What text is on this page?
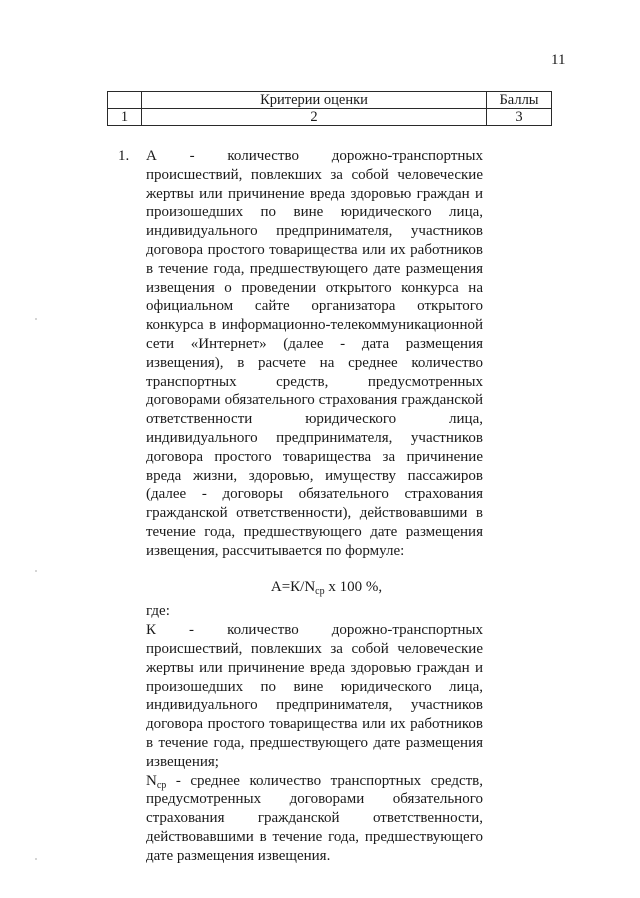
11
	Критерии оценки	Баллы
1	2	3
1. А - количество дорожно-транспортных происшествий, повлекших за собой человеческие жертвы или причинение вреда здоровью граждан и произошедших по вине юридического лица, индивидуального предпринимателя, участников договора простого товарищества или их работников в течение года, предшествующего дате размещения извещения о проведении открытого конкурса на официальном сайте организатора открытого конкурса в информационно-телекоммуникационной сети «Интернет» (далее - дата размещения извещения), в расчете на среднее количество транспортных средств, предусмотренных договорами обязательного страхования гражданской ответственности юридического лица, индивидуального предпринимателя, участников договора простого товарищества за причинение вреда жизни, здоровью, имуществу пассажиров (далее - договоры обязательного страхования гражданской ответственности), действовавшими в течение года, предшествующего дате размещения извещения, рассчитывается по формуле:

$А=К/N_{ср}$ х 100 %,

где:

К - количество дорожно-транспортных происшествий, повлекших за собой человеческие жертвы или причинение вреда здоровью граждан и произошедших по вине юридического лица, индивидуального предпринимателя, участников договора простого товарищества или их работников в течение года, предшествующего дате размещения извещения;

$N_{ср}$ - среднее количество транспортных средств, предусмотренных договорами обязательного страхования гражданской ответственности, действовавшими в течение года, предшествующего дате размещения извещения.
